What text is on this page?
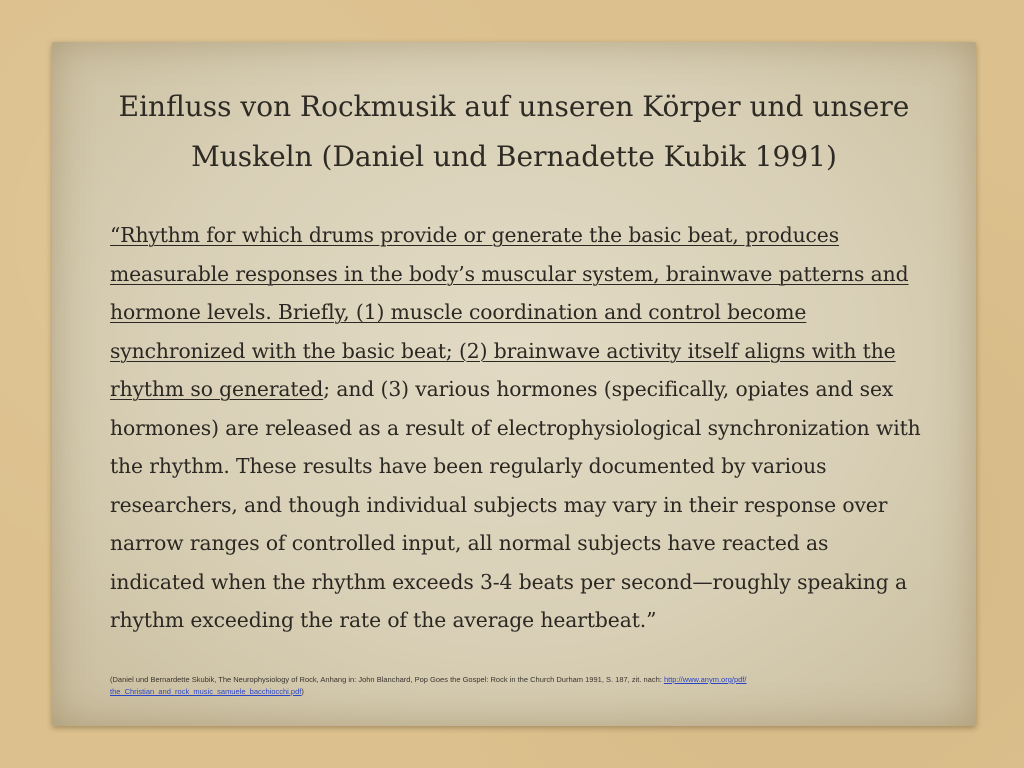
Einfluss von Rockmusik auf unseren Körper und unsere Muskeln (Daniel und Bernadette Kubik 1991)

“Rhythm for which drums provide or generate the basic beat, produces measurable responses in the body’s muscular system, brainwave patterns and hormone levels. Briefly, (1) muscle coordination and control become synchronized with the basic beat; (2) brainwave activity itself aligns with the rhythm so generated; and (3) various hormones (specifically, opiates and sex hormones) are released as a result of electrophysiological synchronization with the rhythm. These results have been regularly documented by various researchers, and though individual subjects may vary in their response over narrow ranges of controlled input, all normal subjects have reacted as indicated when the rhythm exceeds 3-4 beats per second—roughly speaking a rhythm exceeding the rate of the average heartbeat.”

(Daniel und Bernardette Skubik, The Neurophysiology of Rock, Anhang in: John Blanchard, Pop Goes the Gospel: Rock in the Church Durham 1991, S. 187, zit. nach: http://www.anym.org/pdf/
the_Christian_and_rock_music_samuele_bacchiocchi.pdf)
